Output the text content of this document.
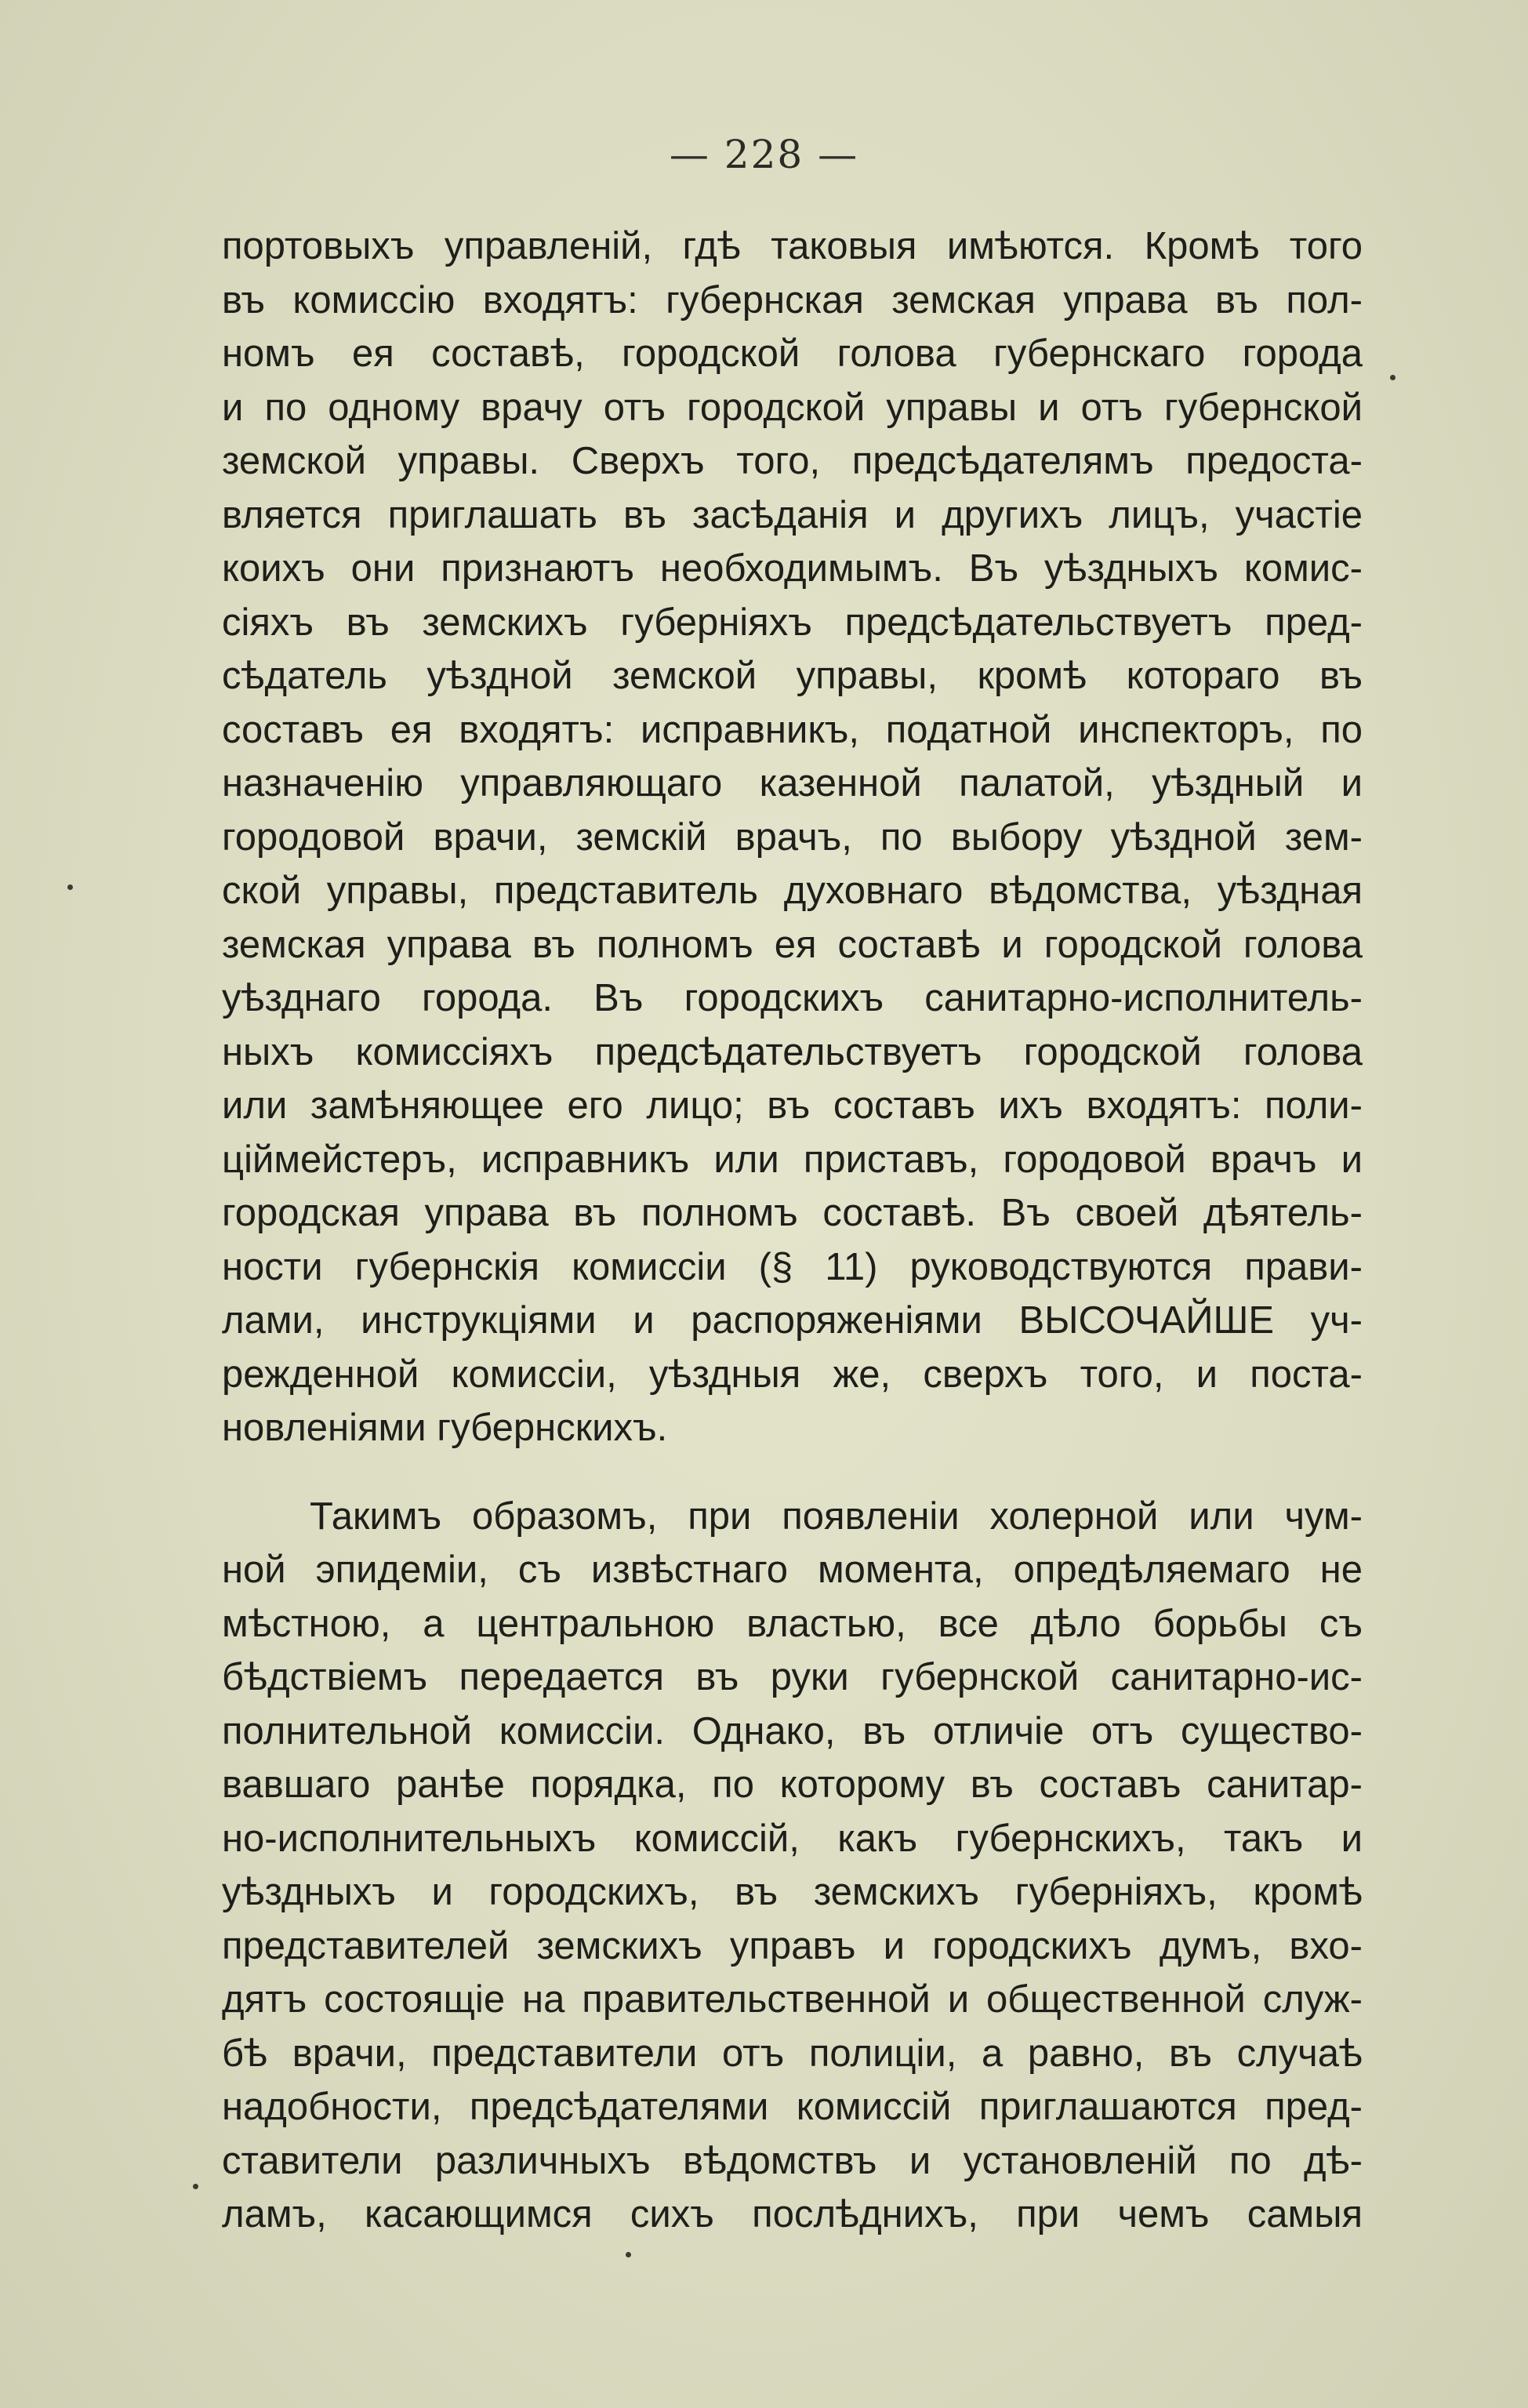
— 228 —
портовыхъ управленій, гдѣ таковыя имѣются. Кромѣ того
въ комиссію входятъ: губернская земская управа въ пол-
номъ ея составѣ, городской голова губернскаго города
и по одному врачу отъ городской управы и отъ губернской
земской управы. Сверхъ того, предсѣдателямъ предоста-
вляется приглашать въ засѣданія и другихъ лицъ, участіе
коихъ они признаютъ необходимымъ. Въ уѣздныхъ комис-
сіяхъ въ земскихъ губерніяхъ предсѣдательствуетъ пред-
сѣдатель уѣздной земской управы, кромѣ котораго въ
составъ ея входятъ: исправникъ, податной инспекторъ, по
назначенію управляющаго казенной палатой, уѣздный и
городовой врачи, земскій врачъ, по выбору уѣздной зем-
ской управы, представитель духовнаго вѣдомства, уѣздная
земская управа въ полномъ ея составѣ и городской голова
уѣзднаго города. Въ городскихъ санитарно-исполнитель-
ныхъ комиссіяхъ предсѣдательствуетъ городской голова
или замѣняющее его лицо; въ составъ ихъ входятъ: поли-
ціймейстеръ, исправникъ или приставъ, городовой врачъ и
городская управа въ полномъ составѣ. Въ своей дѣятель-
ности губернскія комиссіи (§ 11) руководствуются прави-
лами, инструкціями и распоряженіями ВЫСОЧАЙШЕ уч-
режденной комиссіи, уѣздныя же, сверхъ того, и поста-
новленіями губернскихъ.
Такимъ образомъ, при появленіи холерной или чум-
ной эпидеміи, съ извѣстнаго момента, опредѣляемаго не
мѣстною, а центральною властью, все дѣло борьбы съ
бѣдствіемъ передается въ руки губернской санитарно-ис-
полнительной комиссіи. Однако, въ отличіе отъ существо-
вавшаго ранѣе порядка, по которому въ составъ санитар-
но-исполнительныхъ комиссій, какъ губернскихъ, такъ и
уѣздныхъ и городскихъ, въ земскихъ губерніяхъ, кромѣ
представителей земскихъ управъ и городскихъ думъ, вхо-
дятъ состоящіе на правительственной и общественной служ-
бѣ врачи, представители отъ полиціи, а равно, въ случаѣ
надобности, предсѣдателями комиссій приглашаются пред-
ставители различныхъ вѣдомствъ и установленій по дѣ-
ламъ, касающимся сихъ послѣднихъ, при чемъ самыя
